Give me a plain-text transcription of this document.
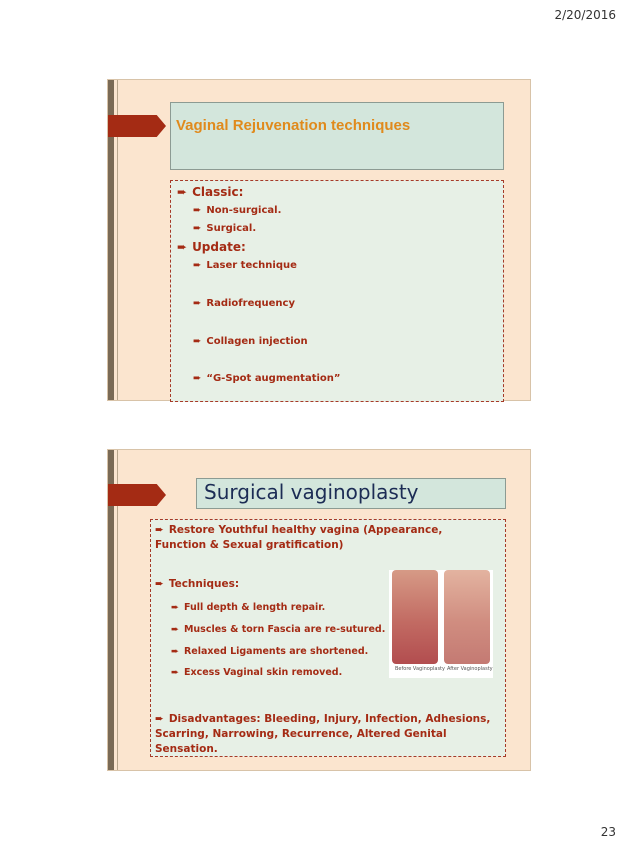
2/20/2016
Vaginal Rejuvenation techniques
➨ Classic:
➨ Non-surgical.
➨ Surgical.
➨ Update:
➨ Laser technique
➨ Radiofrequency
➨ Collagen injection
➨ “G-Spot augmentation”
Surgical vaginoplasty
➨ Restore Youthful healthy vagina (Appearance, Function & Sexual gratification)
➨ Techniques:
➨ Full depth & length repair.
➨ Muscles & torn Fascia are re-sutured.
➨ Relaxed Ligaments are shortened.
➨ Excess Vaginal skin removed.
➨ Disadvantages: Bleeding, Injury, Infection, Adhesions, Scarring, Narrowing, Recurrence, Altered Genital Sensation.
Before Vaginoplasty After Vaginoplasty
23
